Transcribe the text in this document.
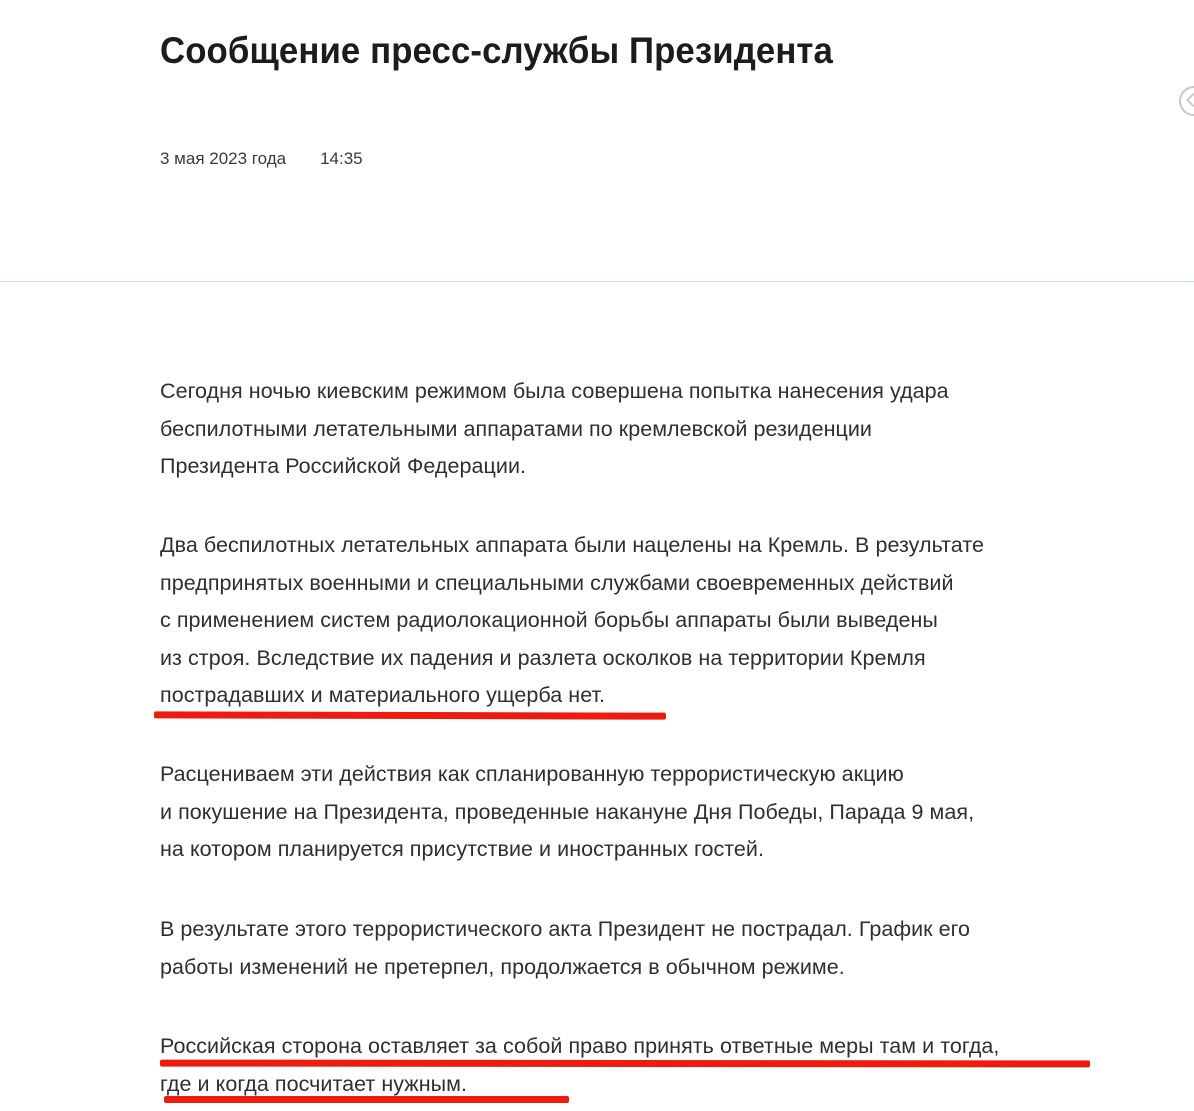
Сообщение пресс-службы Президента
3 мая 2023 года 14:35

Сегодня ночью киевским режимом была совершена попытка нанесения удара
беспилотными летательными аппаратами по кремлевской резиденции
Президента Российской Федерации.

Два беспилотных летательных аппарата были нацелены на Кремль. В результате
предпринятых военными и специальными службами своевременных действий
с применением систем радиолокационной борьбы аппараты были выведены
из строя. Вследствие их падения и разлета осколков на территории Кремля
пострадавших и материального ущерба нет.

Расцениваем эти действия как спланированную террористическую акцию
и покушение на Президента, проведенные накануне Дня Победы, Парада 9 мая,
на котором планируется присутствие и иностранных гостей.

В результате этого террористического акта Президент не пострадал. График его
работы изменений не претерпел, продолжается в обычном режиме.

Российская сторона оставляет за собой право принять ответные меры там и тогда,
где и когда посчитает нужным.
